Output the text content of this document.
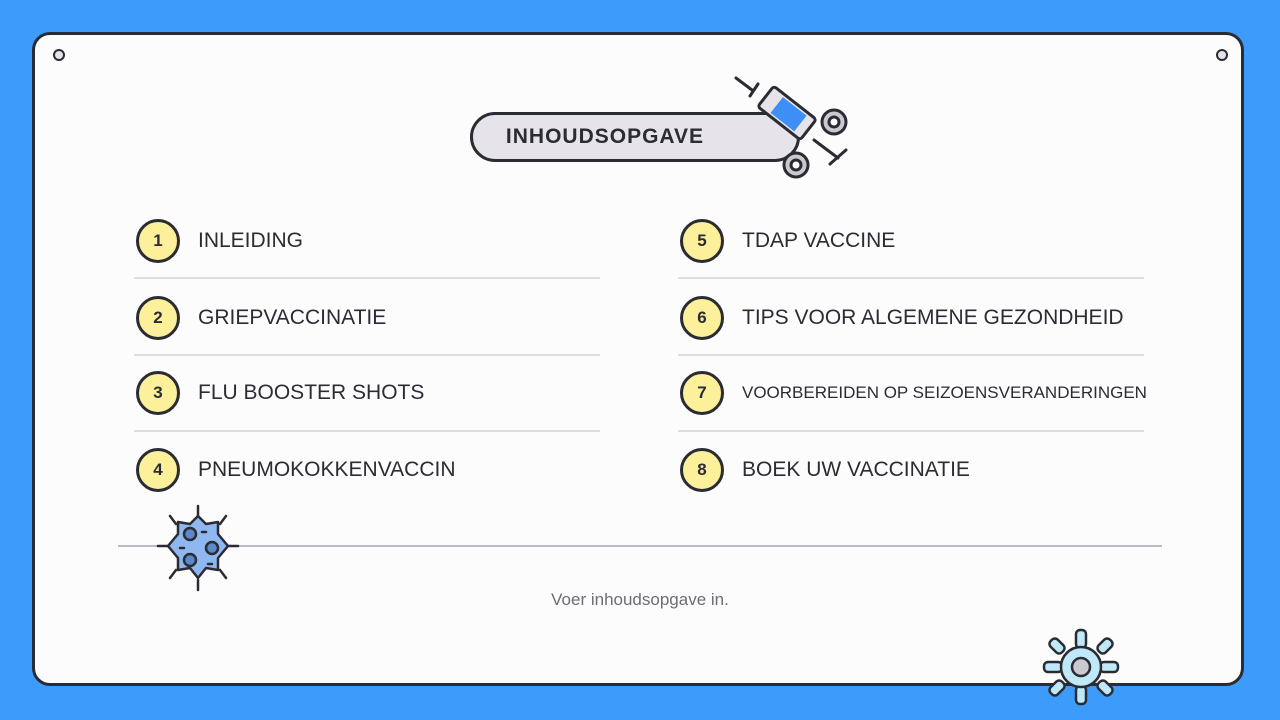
INHOUDSOPGAVE
1	INLEIDING
2	GRIEPVACCINATIE
3	FLU BOOSTER SHOTS
4	PNEUMOKOKKENVACCIN
5	TDAP VACCINE
6	TIPS VOOR ALGEMENE GEZONDHEID
7	VOORBEREIDEN OP SEIZOENSVERANDERINGEN
8	BOEK UW VACCINATIE
Voer inhoudsopgave in.
